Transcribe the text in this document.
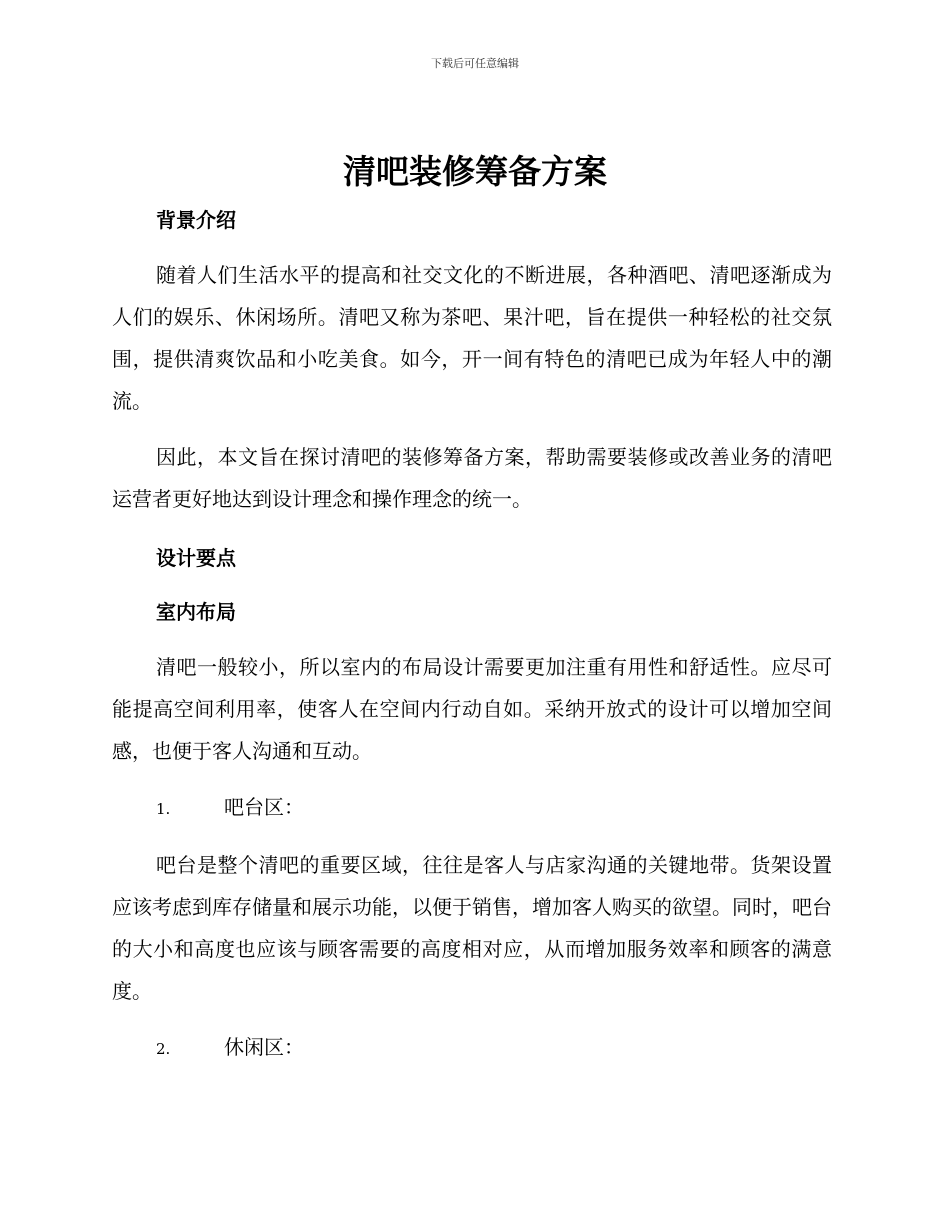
下载后可任意编辑
清吧装修筹备方案
背景介绍

随着人们生活水平的提高和社交文化的不断进展，各种酒吧、清吧逐渐成为人们的娱乐、休闲场所。清吧又称为茶吧、果汁吧，旨在提供一种轻松的社交氛围，提供清爽饮品和小吃美食。如今，开一间有特色的清吧已成为年轻人中的潮流。

因此，本文旨在探讨清吧的装修筹备方案，帮助需要装修或改善业务的清吧运营者更好地达到设计理念和操作理念的统一。

设计要点
室内布局

清吧一般较小，所以室内的布局设计需要更加注重有用性和舒适性。应尽可能提高空间利用率，使客人在空间内行动自如。采纳开放式的设计可以增加空间感，也便于客人沟通和互动。

1.	吧台区：

吧台是整个清吧的重要区域，往往是客人与店家沟通的关键地带。货架设置应该考虑到库存储量和展示功能，以便于销售，增加客人购买的欲望。同时，吧台的大小和高度也应该与顾客需要的高度相对应，从而增加服务效率和顾客的满意度。

2.	休闲区：
